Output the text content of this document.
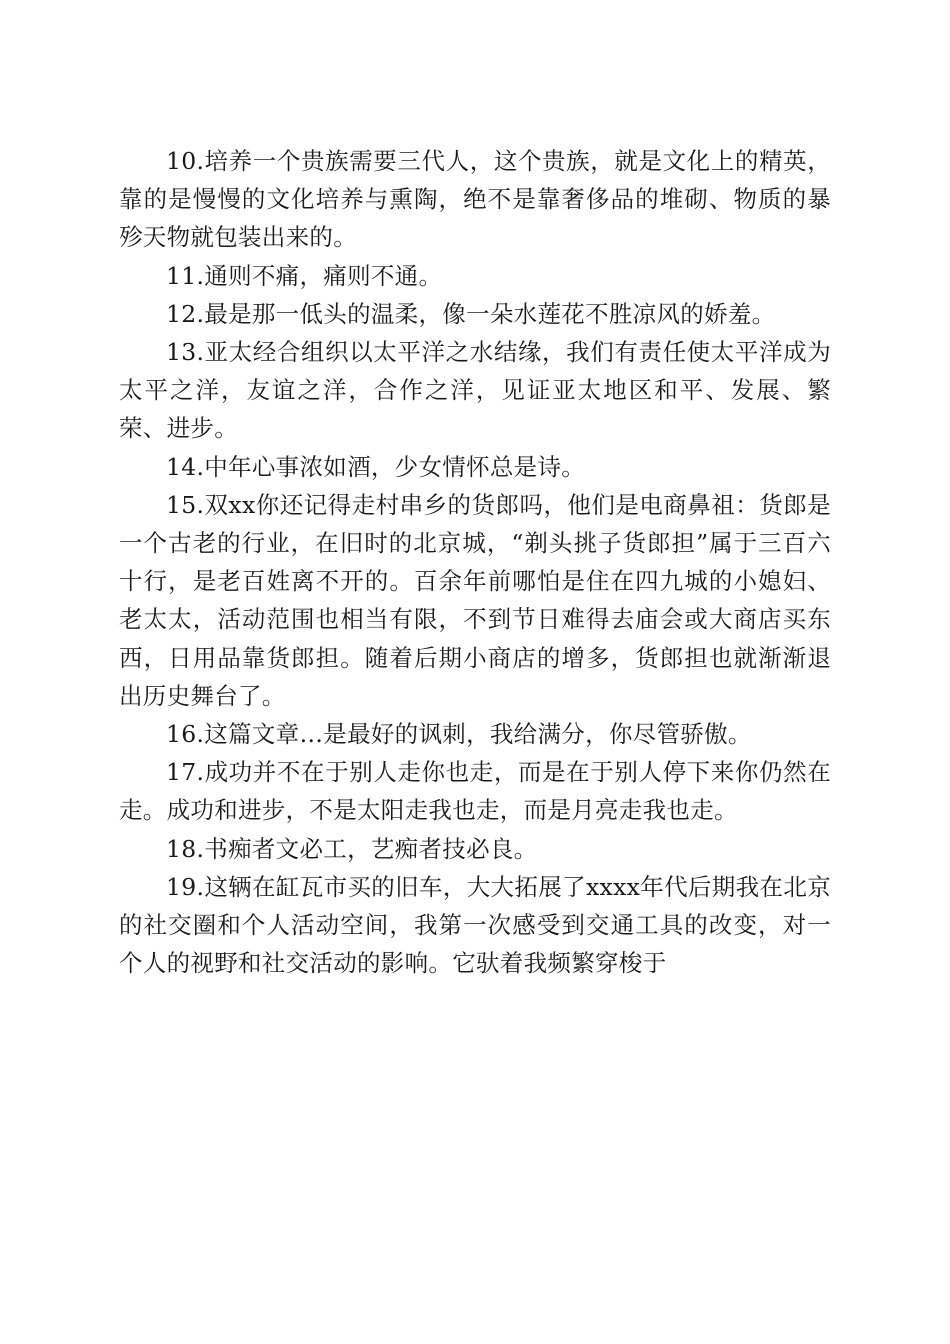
10.培养一个贵族需要三代人，这个贵族，就是文化上的精英，靠的是慢慢的文化培养与熏陶，绝不是靠奢侈品的堆砌、物质的暴殄天物就包装出来的。

11.通则不痛，痛则不通。

12.最是那一低头的温柔，像一朵水莲花不胜凉风的娇羞。

13.亚太经合组织以太平洋之水结缘，我们有责任使太平洋成为太平之洋，友谊之洋，合作之洋，见证亚太地区和平、发展、繁荣、进步。

14.中年心事浓如酒，少女情怀总是诗。

15.双xx你还记得走村串乡的货郎吗，他们是电商鼻祖：货郎是一个古老的行业，在旧时的北京城，“剃头挑子货郎担”属于三百六十行，是老百姓离不开的。百余年前哪怕是住在四九城的小媳妇、老太太，活动范围也相当有限，不到节日难得去庙会或大商店买东西，日用品靠货郎担。随着后期小商店的增多，货郎担也就渐渐退出历史舞台了。

16.这篇文章…是最好的讽刺，我给满分，你尽管骄傲。

17.成功并不在于别人走你也走，而是在于别人停下来你仍然在走。成功和进步，不是太阳走我也走，而是月亮走我也走。

18.书痴者文必工，艺痴者技必良。

19.这辆在缸瓦市买的旧车，大大拓展了xxxx年代后期我在北京的社交圈和个人活动空间，我第一次感受到交通工具的改变，对一个人的视野和社交活动的影响。它驮着我频繁穿梭于
